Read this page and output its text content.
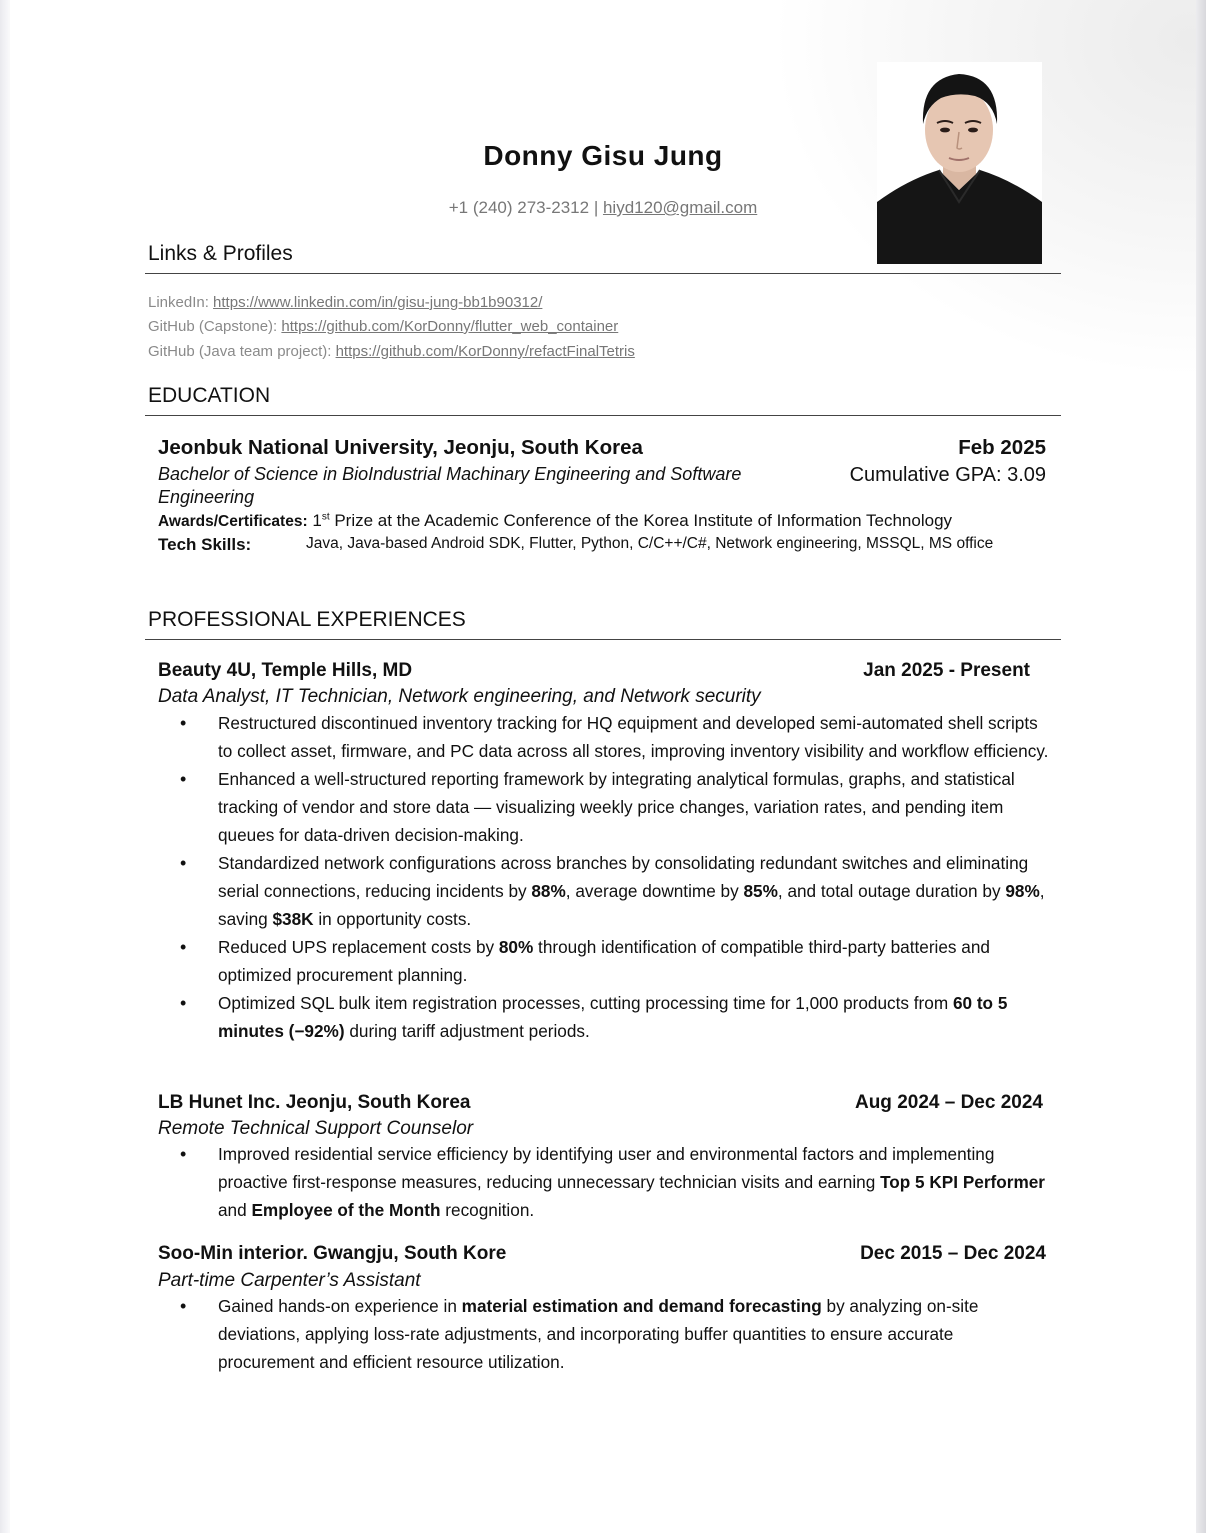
Donny Gisu Jung
+1 (240) 273-2312 | hiyd120@gmail.com
Links & Profiles
LinkedIn: https://www.linkedin.com/in/gisu-jung-bb1b90312/
GitHub (Capstone): https://github.com/KorDonny/flutter_web_container
GitHub (Java team project): https://github.com/KorDonny/refactFinalTetris
EDUCATION
Jeonbuk National University, Jeonju, South Korea	Feb 2025
Bachelor of Science in BioIndustrial Machinary Engineering and Software
Engineering
Cumulative GPA: 3.09
Awards/Certificates: 1st Prize at the Academic Conference of the Korea Institute of Information Technology
Tech Skills:	Java, Java-based Android SDK, Flutter, Python, C/C++/C#, Network engineering, MSSQL, MS office
PROFESSIONAL EXPERIENCES
Beauty 4U, Temple Hills, MD	Jan 2025 - Present
Data Analyst, IT Technician, Network engineering, and Network security
• Restructured discontinued inventory tracking for HQ equipment and developed semi-automated shell scripts to collect asset, firmware, and PC data across all stores, improving inventory visibility and workflow efficiency.
• Enhanced a well-structured reporting framework by integrating analytical formulas, graphs, and statistical tracking of vendor and store data — visualizing weekly price changes, variation rates, and pending item queues for data-driven decision-making.
• Standardized network configurations across branches by consolidating redundant switches and eliminating serial connections, reducing incidents by 88%, average downtime by 85%, and total outage duration by 98%, saving $38K in opportunity costs.
• Reduced UPS replacement costs by 80% through identification of compatible third-party batteries and optimized procurement planning.
• Optimized SQL bulk item registration processes, cutting processing time for 1,000 products from 60 to 5 minutes (−92%) during tariff adjustment periods.
LB Hunet Inc. Jeonju, South Korea	Aug 2024 – Dec 2024
Remote Technical Support Counselor
• Improved residential service efficiency by identifying user and environmental factors and implementing proactive first-response measures, reducing unnecessary technician visits and earning Top 5 KPI Performer and Employee of the Month recognition.
Soo-Min interior. Gwangju, South Kore	Dec 2015 – Dec 2024
Part-time Carpenter’s Assistant
• Gained hands-on experience in material estimation and demand forecasting by analyzing on-site deviations, applying loss-rate adjustments, and incorporating buffer quantities to ensure accurate procurement and efficient resource utilization.
